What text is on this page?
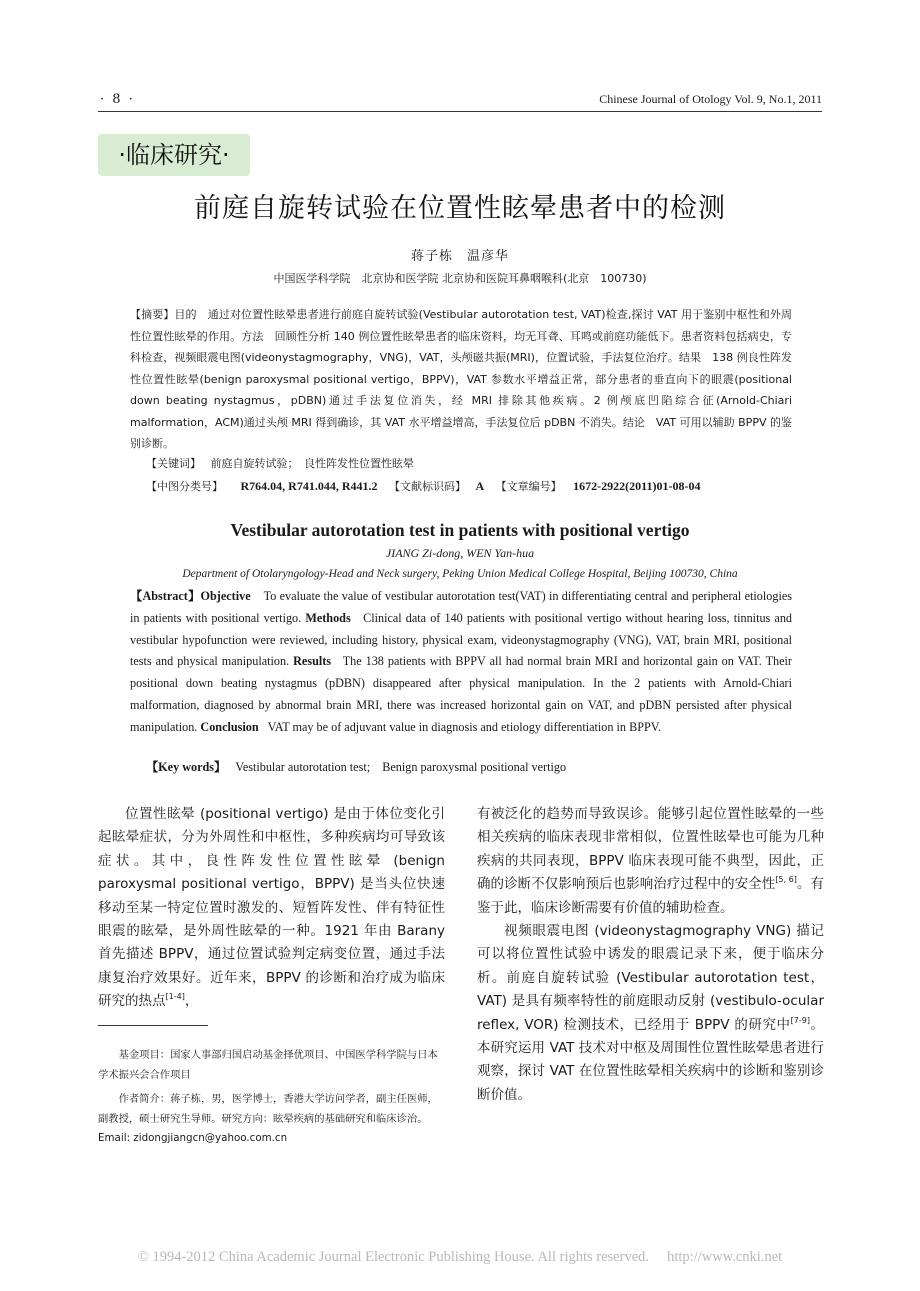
· 8 ·	Chinese Journal of Otology Vol. 9, No.1, 2011
·临床研究·
前庭自旋转试验在位置性眩晕患者中的检测
蒋子栋　温彦华
中国医学科学院　北京协和医学院 北京协和医院耳鼻咽喉科(北京　100730)
【摘要】目的　通过对位置性眩晕患者进行前庭自旋转试验(Vestibular autorotation test, VAT)检查,探讨 VAT 用于鉴别中枢性和外周性位置性眩晕的作用。方法　回顾性分析 140 例位置性眩晕患者的临床资料，均无耳聋、耳鸣或前庭功能低下。患者资料包括病史，专科检查，视频眼震电图(videonystagmography，VNG)，VAT，头颅磁共振(MRI)，位置试验，手法复位治疗。结果　138 例良性阵发性位置性眩晕(benign paroxysmal positional vertigo，BPPV)，VAT 参数水平增益正常，部分患者的垂直向下的眼震(positional down beating nystagmus，pDBN)通过手法复位消失，经 MRI 排除其他疾病。2 例颅底凹陷综合征(Arnold-Chiari malformation，ACM)通过头颅 MRI 得到确诊，其 VAT 水平增益增高，手法复位后 pDBN 不消失。结论　VAT 可用以辅助 BPPV 的鉴别诊断。
【关键词】 前庭自旋转试验；　良性阵发性位置性眩晕
【中图分类号】 R764.04, R741.044, R441.2 【文献标识码】 A 【文章编号】 1672-2922(2011)01-08-04
Vestibular autorotation test in patients with positional vertigo
JIANG Zi-dong, WEN Yan-hua
Department of Otolaryngology-Head and Neck surgery, Peking Union Medical College Hospital, Beijing 100730, China
【Abstract】Objective To evaluate the value of vestibular autorotation test(VAT) in differentiating central and peripheral etiologies in patients with positional vertigo. Methods Clinical data of 140 patients with positional vertigo without hearing loss, tinnitus and vestibular hypofunction were reviewed, including history, physical exam, videonystagmography (VNG), VAT, brain MRI, positional tests and physical manipulation. Results The 138 patients with BPPV all had normal brain MRI and horizontal gain on VAT. Their positional down beating nystagmus (pDBN) disappeared after physical manipulation. In the 2 patients with Arnold-Chiari malformation, diagnosed by abnormal brain MRI, there was increased horizontal gain on VAT, and pDBN persisted after physical manipulation. Conclusion VAT may be of adjuvant value in diagnosis and etiology differentiation in BPPV.
【Key words】 Vestibular autorotation test;　Benign paroxysmal positional vertigo

位置性眩晕 (positional vertigo) 是由于体位变化引起眩晕症状，分为外周性和中枢性，多种疾病均可导致该症状。其中，良性阵发性位置性眩晕 (benign paroxysmal positional vertigo，BPPV) 是当头位快速移动至某一特定位置时激发的、短暂阵发性、伴有特征性眼震的眩晕，是外周性眩晕的一种。1921 年由 Barany 首先描述 BPPV，通过位置试验判定病变位置，通过手法康复治疗效果好。近年来，BPPV 的诊断和治疗成为临床研究的热点[1-4]，

基金项目：国家人事部归国启动基金择优项目、中国医学科学院与日本学术振兴会合作项目
作者简介：蒋子栋，男，医学博士，香港大学访问学者，副主任医师，副教授，硕士研究生导师。研究方向：眩晕疾病的基础研究和临床诊治。Email: zidongjiangcn@yahoo.com.cn

有被泛化的趋势而导致误诊。能够引起位置性眩晕的一些相关疾病的临床表现非常相似，位置性眩晕也可能为几种疾病的共同表现，BPPV 临床表现可能不典型，因此，正确的诊断不仅影响预后也影响治疗过程中的安全性[5, 6]。有鉴于此，临床诊断需要有价值的辅助检查。

视频眼震电图 (videonystagmography VNG) 描记可以将位置性试验中诱发的眼震记录下来，便于临床分析。前庭自旋转试验 (Vestibular autorotation test，VAT) 是具有频率特性的前庭眼动反射 (vestibulo-ocular reflex, VOR) 检测技术，已经用于 BPPV 的研究中[7-9]。本研究运用 VAT 技术对中枢及周围性位置性眩晕患者进行观察，探讨 VAT 在位置性眩晕相关疾病中的诊断和鉴别诊断价值。

© 1994-2012 China Academic Journal Electronic Publishing House. All rights reserved.　 http://www.cnki.net
